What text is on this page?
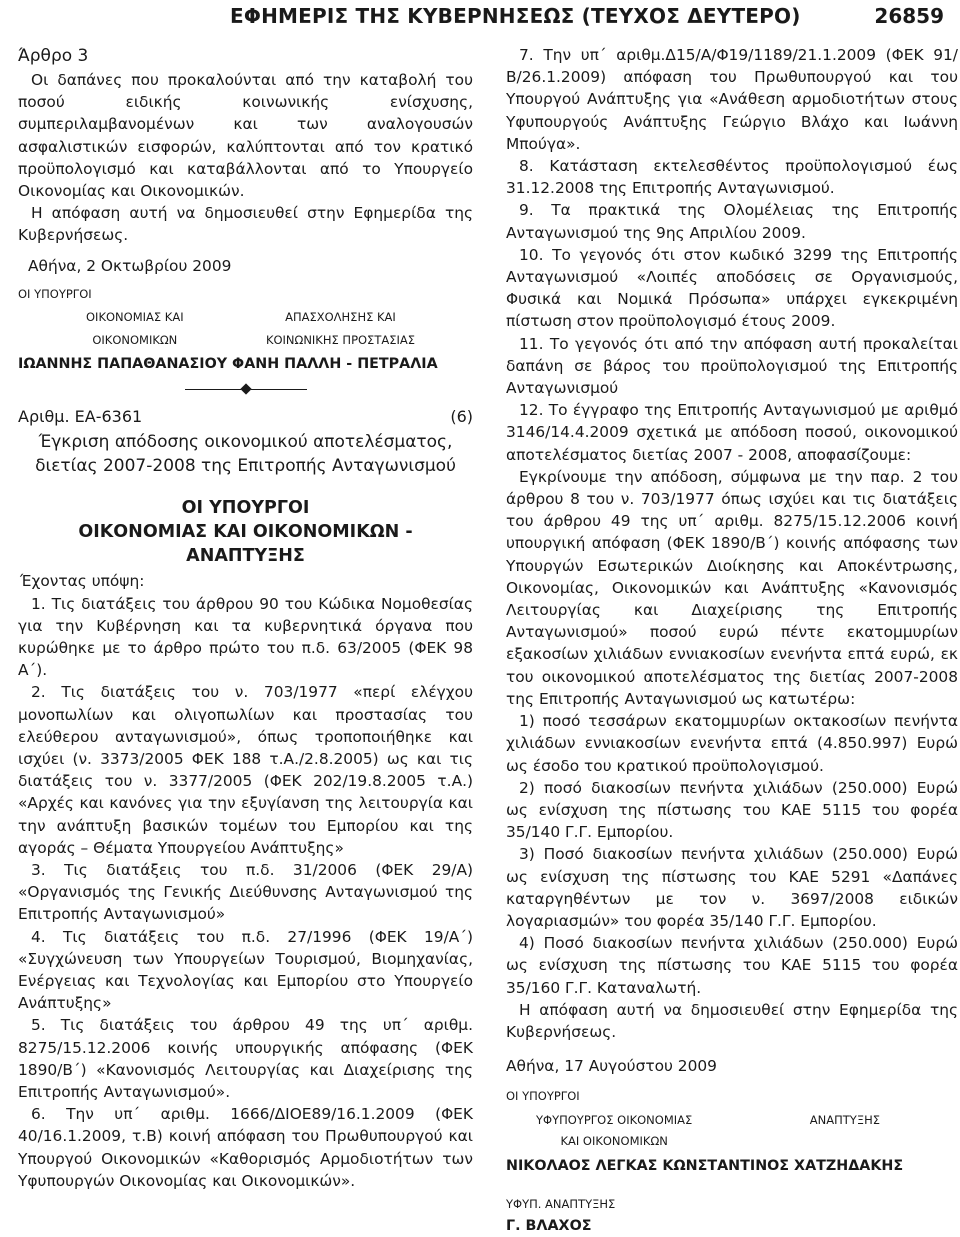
ΕΦΗΜΕΡΙΣ ΤΗΣ ΚΥΒΕΡΝΗΣΕΩΣ (ΤΕΥΧΟΣ ΔΕΥΤΕΡΟ)	26859

Άρθρο 3

Οι δαπάνες που προκαλούνται από την καταβολή του ποσού ειδικής κοινωνικής ενίσχυσης, συμπεριλαμβανομένων και των αναλογουσών ασφαλιστικών εισφορών, καλύπτονται από τον κρατικό προϋπολογισμό και καταβάλλονται από το Υπουργείο Οικονομίας και Οικονομικών.

Η απόφαση αυτή να δημοσιευθεί στην Εφημερίδα της Κυβερνήσεως.

Αθήνα, 2 Οκτωβρίου 2009

ΟΙ ΥΠΟΥΡΓΟΙ

ΟΙΚΟΝΟΜΙΑΣ ΚΑΙ
ΟΙΚΟΝΟΜΙΚΩΝ
ΑΠΑΣΧΟΛΗΣΗΣ ΚΑΙ
ΚΟΙΝΩΝΙΚΗΣ ΠΡΟΣΤΑΣΙΑΣ

ΙΩΑΝΝΗΣ ΠΑΠΑΘΑΝΑΣΙΟΥ ΦΑΝΗ ΠΑΛΛΗ - ΠΕΤΡΑΛΙΑ

Αριθμ. ΕΑ-6361	(6)

Έγκριση απόδοσης οικονομικού αποτελέσματος, διετίας 2007-2008 της Επιτροπής Ανταγωνισμού

ΟΙ ΥΠΟΥΡΓΟΙ
ΟΙΚΟΝΟΜΙΑΣ ΚΑΙ ΟΙΚΟΝΟΜΙΚΩΝ -
ΑΝΑΠΤΥΞΗΣ

Έχοντας υπόψη:

1. Τις διατάξεις του άρθρου 90 του Κώδικα Νομοθεσίας για την Κυβέρνηση και τα κυβερνητικά όργανα που κυρώθηκε με το άρθρο πρώτο του π.δ. 63/2005 (ΦΕΚ 98 Α΄).

2. Τις διατάξεις του ν. 703/1977 «περί ελέγχου μονοπωλίων και ολιγοπωλίων και προστασίας του ελεύθερου ανταγωνισμού», όπως τροποποιήθηκε και ισχύει (ν. 3373/2005 ΦΕΚ 188 τ.Α./2.8.2005) ως και τις διατάξεις του ν. 3377/2005 (ΦΕΚ 202/19.8.2005 τ.Α.) «Αρχές και κανόνες για την εξυγίανση της λειτουργία και την ανάπτυξη βασικών τομέων του Εμπορίου και της αγοράς – Θέματα Υπουργείου Ανάπτυξης»

3. Τις διατάξεις του π.δ. 31/2006 (ΦΕΚ 29/Α) «Οργανισμός της Γενικής Διεύθυνσης Ανταγωνισμού της Επιτροπής Ανταγωνισμού»

4. Τις διατάξεις του π.δ. 27/1996 (ΦΕΚ 19/Α΄) «Συγχώνευση των Υπουργείων Τουρισμού, Βιομηχανίας, Ενέργειας και Τεχνολογίας και Εμπορίου στο Υπουργείο Ανάπτυξης»

5. Τις διατάξεις του άρθρου 49 της υπ΄ αριθμ. 8275/15.12.2006 κοινής υπουργικής απόφασης (ΦΕΚ 1890/Β΄) «Κανονισμός Λειτουργίας και Διαχείρισης της Επιτροπής Ανταγωνισμού».

6. Την υπ΄ αριθμ. 1666/ΔΙΟΕ89/16.1.2009 (ΦΕΚ 40/16.1.2009, τ.Β) κοινή απόφαση του Πρωθυπουργού και Υπουργού Οικονομικών «Καθορισμός Αρμοδιοτήτων των Υφυπουργών Οικονομίας και Οικονομικών».

7. Την υπ΄ αριθμ.Δ15/Α/Φ19/1189/21.1.2009 (ΦΕΚ 91/Β/26.1.2009) απόφαση του Πρωθυπουργού και του Υπουργού Ανάπτυξης για «Ανάθεση αρμοδιοτήτων στους Υφυπουργούς Ανάπτυξης Γεώργιο Βλάχο και Ιωάννη Μπούγα».

8. Κατάσταση εκτελεσθέντος προϋπολογισμού έως 31.12.2008 της Επιτροπής Ανταγωνισμού.

9. Τα πρακτικά της Ολομέλειας της Επιτροπής Ανταγωνισμού της 9ης Απριλίου 2009.

10. Το γεγονός ότι στον κωδικό 3299 της Επιτροπής Ανταγωνισμού «Λοιπές αποδόσεις σε Οργανισμούς, Φυσικά και Νομικά Πρόσωπα» υπάρχει εγκεκριμένη πίστωση στον προϋπολογισμό έτους 2009.

11. Το γεγονός ότι από την απόφαση αυτή προκαλείται δαπάνη σε βάρος του προϋπολογισμού της Επιτροπής Ανταγωνισμού

12. Το έγγραφο της Επιτροπής Ανταγωνισμού με αριθμό 3146/14.4.2009 σχετικά με απόδοση ποσού, οικονομικού αποτελέσματος διετίας 2007 - 2008, αποφασίζουμε:

Εγκρίνουμε την απόδοση, σύμφωνα με την παρ. 2 του άρθρου 8 του ν. 703/1977 όπως ισχύει και τις διατάξεις του άρθρου 49 της υπ΄ αριθμ. 8275/15.12.2006 κοινή υπουργική απόφαση (ΦΕΚ 1890/Β΄) κοινής απόφασης των Υπουργών Εσωτερικών Διοίκησης και Αποκέντρωσης, Οικονομίας, Οικονομικών και Ανάπτυξης «Κανονισμός Λειτουργίας και Διαχείρισης της Επιτροπής Ανταγωνισμού» ποσού ευρώ πέντε εκατομμυρίων εξακοσίων χιλιάδων εννιακοσίων ενενήντα επτά ευρώ, εκ του οικονομικού αποτελέσματος της διετίας 2007-2008 της Επιτροπής Ανταγωνισμού ως κατωτέρω:

1) ποσό τεσσάρων εκατομμυρίων οκτακοσίων πενήντα χιλιάδων εννιακοσίων ενενήντα επτά (4.850.997) Ευρώ ως έσοδο του κρατικού προϋπολογισμού.

2) ποσό διακοσίων πενήντα χιλιάδων (250.000) Ευρώ ως ενίσχυση της πίστωσης του ΚΑΕ 5115 του φορέα 35/140 Γ.Γ. Εμπορίου.

3) Ποσό διακοσίων πενήντα χιλιάδων (250.000) Ευρώ ως ενίσχυση της πίστωσης του ΚΑΕ 5291 «Δαπάνες καταργηθέντων με τον ν. 3697/2008 ειδικών λογαριασμών» του φορέα 35/140 Γ.Γ. Εμπορίου.

4) Ποσό διακοσίων πενήντα χιλιάδων (250.000) Ευρώ ως ενίσχυση της πίστωσης του ΚΑΕ 5115 του φορέα 35/160 Γ.Γ. Καταναλωτή.

Η απόφαση αυτή να δημοσιευθεί στην Εφημερίδα της Κυβερνήσεως.

Αθήνα, 17 Αυγούστου 2009

ΟΙ ΥΠΟΥΡΓΟΙ

ΥΦΥΠΟΥΡΓΟΣ ΟΙΚΟΝΟΜΙΑΣ
ΚΑΙ ΟΙΚΟΝΟΜΙΚΩΝ
ΑΝΑΠΤΥΞΗΣ

ΝΙΚΟΛΑΟΣ ΛΕΓΚΑΣ ΚΩΝΣΤΑΝΤΙΝΟΣ ΧΑΤΖΗΔΑΚΗΣ

ΥΦΥΠ. ΑΝΑΠΤΥΞΗΣ

Γ. ΒΛΑΧΟΣ
